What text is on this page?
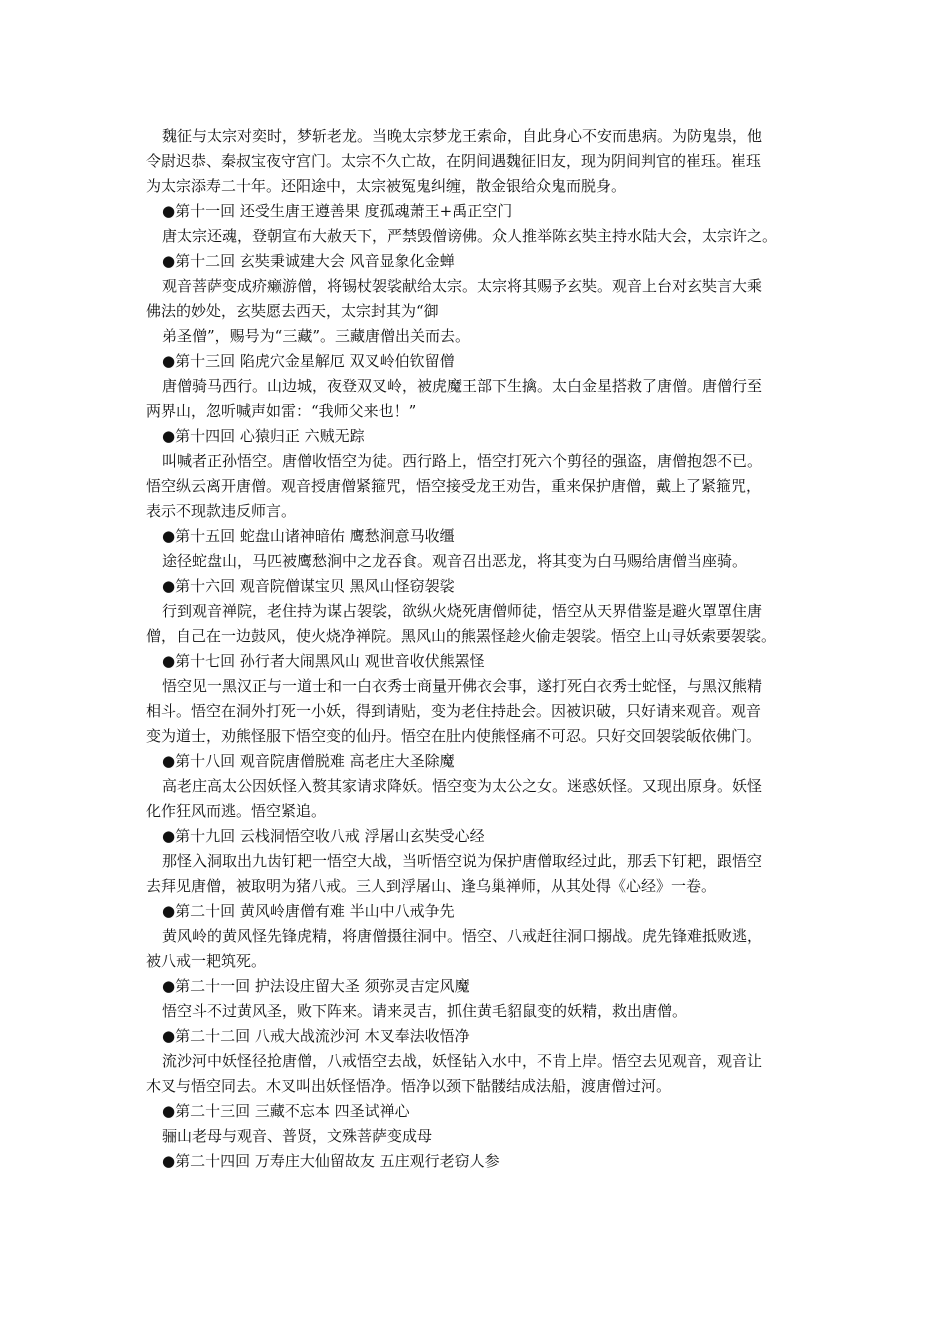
魏征与太宗对奕时，梦斩老龙。当晚太宗梦龙王索命，自此身心不安而患病。为防鬼祟，他

令尉迟恭、秦叔宝夜守宫门。太宗不久亡故，在阴间遇魏征旧友，现为阴间判官的崔珏。崔珏

为太宗添寿二十年。还阳途中，太宗被冤鬼纠缠，散金银给众鬼而脱身。

●第十一回 还受生唐王遵善果 度孤魂萧王+禹正空门

唐太宗还魂，登朝宣布大赦天下，严禁毁僧谤佛。众人推举陈玄奘主持水陆大会，太宗许之。

●第十二回 玄奘秉诚建大会 风音显象化金蝉

观音菩萨变成疥癞游僧，将锡杖袈裟献给太宗。太宗将其赐予玄奘。观音上台对玄奘言大乘

佛法的妙处，玄奘愿去西天，太宗封其为“御

弟圣僧”，赐号为“三藏”。三藏唐僧出关而去。

●第十三回 陷虎穴金星解厄 双叉岭伯钦留僧

唐僧骑马西行。山边城，夜登双叉岭，被虎魔王部下生擒。太白金星搭救了唐僧。唐僧行至

两界山，忽听喊声如雷：“我师父来也！”

●第十四回 心猿归正 六贼无踪

叫喊者正孙悟空。唐僧收悟空为徒。西行路上，悟空打死六个剪径的强盗，唐僧抱怨不已。

悟空纵云离开唐僧。观音授唐僧紧箍咒，悟空接受龙王劝告，重来保护唐僧，戴上了紧箍咒，

表示不现款违反师言。

●第十五回 蛇盘山诸神暗佑 鹰愁涧意马收缰

途径蛇盘山，马匹被鹰愁涧中之龙吞食。观音召出恶龙，将其变为白马赐给唐僧当座骑。

●第十六回 观音院僧谋宝贝 黑风山怪窃袈裟

行到观音禅院，老住持为谋占袈裟，欲纵火烧死唐僧师徒，悟空从天界借鉴是避火罩罩住唐

僧，自己在一边鼓风，使火烧净禅院。黑风山的熊罴怪趁火偷走袈裟。悟空上山寻妖索要袈裟。

●第十七回 孙行者大闹黑风山 观世音收伏熊罴怪

悟空见一黑汉正与一道士和一白衣秀士商量开佛衣会事，遂打死白衣秀士蛇怪，与黑汉熊精

相斗。悟空在洞外打死一小妖，得到请贴，变为老住持赴会。因被识破，只好请来观音。观音

变为道士，劝熊怪服下悟空变的仙丹。悟空在肚内使熊怪痛不可忍。只好交回袈裟皈依佛门。

●第十八回 观音院唐僧脱难 高老庄大圣除魔

高老庄高太公因妖怪入赘其家请求降妖。悟空变为太公之女。迷惑妖怪。又现出原身。妖怪

化作狂风而逃。悟空紧追。

●第十九回 云栈洞悟空收八戒 浮屠山玄奘受心经

那怪入洞取出九齿钉耙一悟空大战，当听悟空说为保护唐僧取经过此，那丢下钉耙，跟悟空

去拜见唐僧，被取明为猪八戒。三人到浮屠山、逢乌巢禅师，从其处得《心经》一卷。

●第二十回 黄风岭唐僧有难 半山中八戒争先

黄风岭的黄风怪先锋虎精，将唐僧摄往洞中。悟空、八戒赶往洞口搦战。虎先锋难抵败逃，

被八戒一耙筑死。

●第二十一回 护法设庄留大圣 须弥灵吉定风魔

悟空斗不过黄风圣，败下阵来。请来灵吉，抓住黄毛貂鼠变的妖精，救出唐僧。

●第二十二回 八戒大战流沙河 木叉奉法收悟净

流沙河中妖怪径抢唐僧，八戒悟空去战，妖怪钻入水中，不肯上岸。悟空去见观音，观音让

木叉与悟空同去。木叉叫出妖怪悟净。悟净以颈下骷髅结成法船，渡唐僧过河。

●第二十三回 三藏不忘本 四圣试禅心

骊山老母与观音、普贤，文殊菩萨变成母

●第二十四回 万寿庄大仙留故友 五庄观行老窃人参
